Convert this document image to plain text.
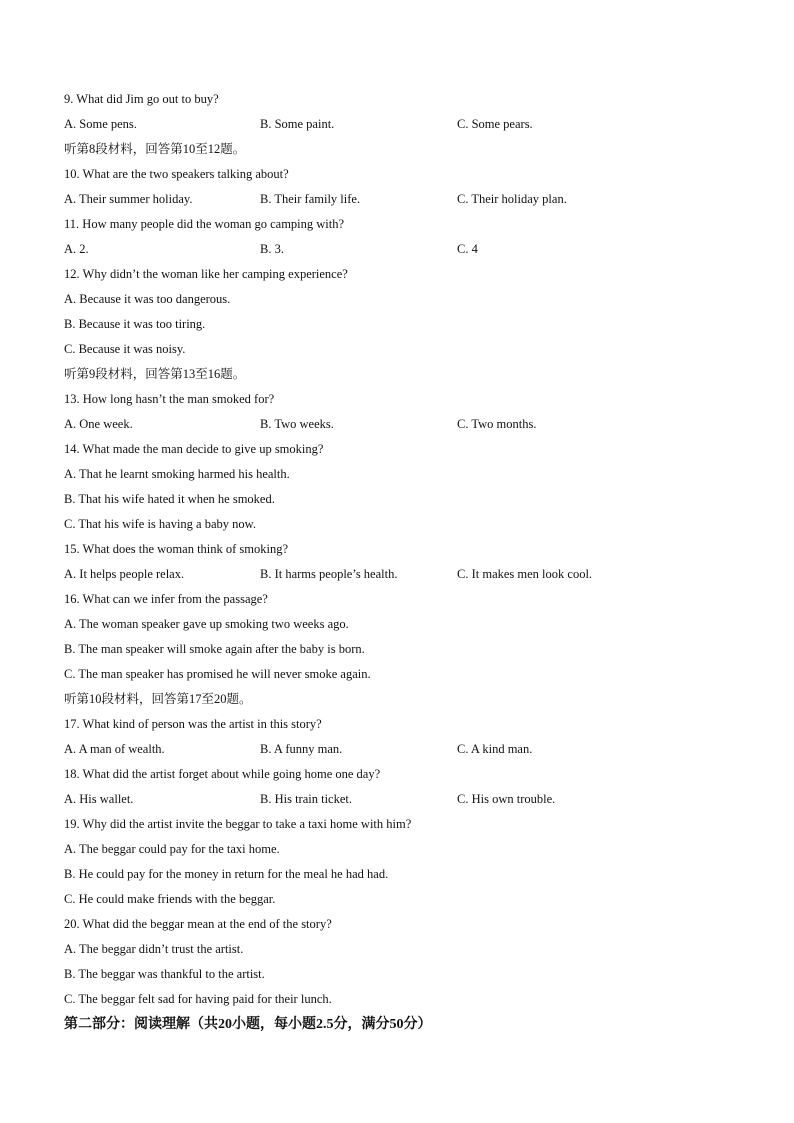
9. What did Jim go out to buy?
A. Some pens.	B. Some paint.	C. Some pears.
听第8段材料，回答第10至12题。
10. What are the two speakers talking about?
A. Their summer holiday.	B. Their family life.	C. Their holiday plan.
11. How many people did the woman go camping with?
A. 2.	B. 3.	C. 4
12. Why didn’t the woman like her camping experience?
A. Because it was too dangerous.
B. Because it was too tiring.
C. Because it was noisy.
听第9段材料，回答第13至16题。
13. How long hasn’t the man smoked for?
A. One week.	B. Two weeks.	C. Two months.
14. What made the man decide to give up smoking?
A. That he learnt smoking harmed his health.
B. That his wife hated it when he smoked.
C. That his wife is having a baby now.
15. What does the woman think of smoking?
A. It helps people relax.	B. It harms people’s health.	C. It makes men look cool.
16. What can we infer from the passage?
A. The woman speaker gave up smoking two weeks ago.
B. The man speaker will smoke again after the baby is born.
C. The man speaker has promised he will never smoke again.
听第10段材料，回答第17至20题。
17. What kind of person was the artist in this story?
A. A man of wealth.	B. A funny man.	C. A kind man.
18. What did the artist forget about while going home one day?
A. His wallet.	B. His train ticket.	C. His own trouble.
19. Why did the artist invite the beggar to take a taxi home with him?
A. The beggar could pay for the taxi home.
B. He could pay for the money in return for the meal he had had.
C. He could make friends with the beggar.
20. What did the beggar mean at the end of the story?
A. The beggar didn’t trust the artist.
B. The beggar was thankful to the artist.
C. The beggar felt sad for having paid for their lunch.
第二部分：阅读理解（共20小题，每小题2.5分，满分50分）
